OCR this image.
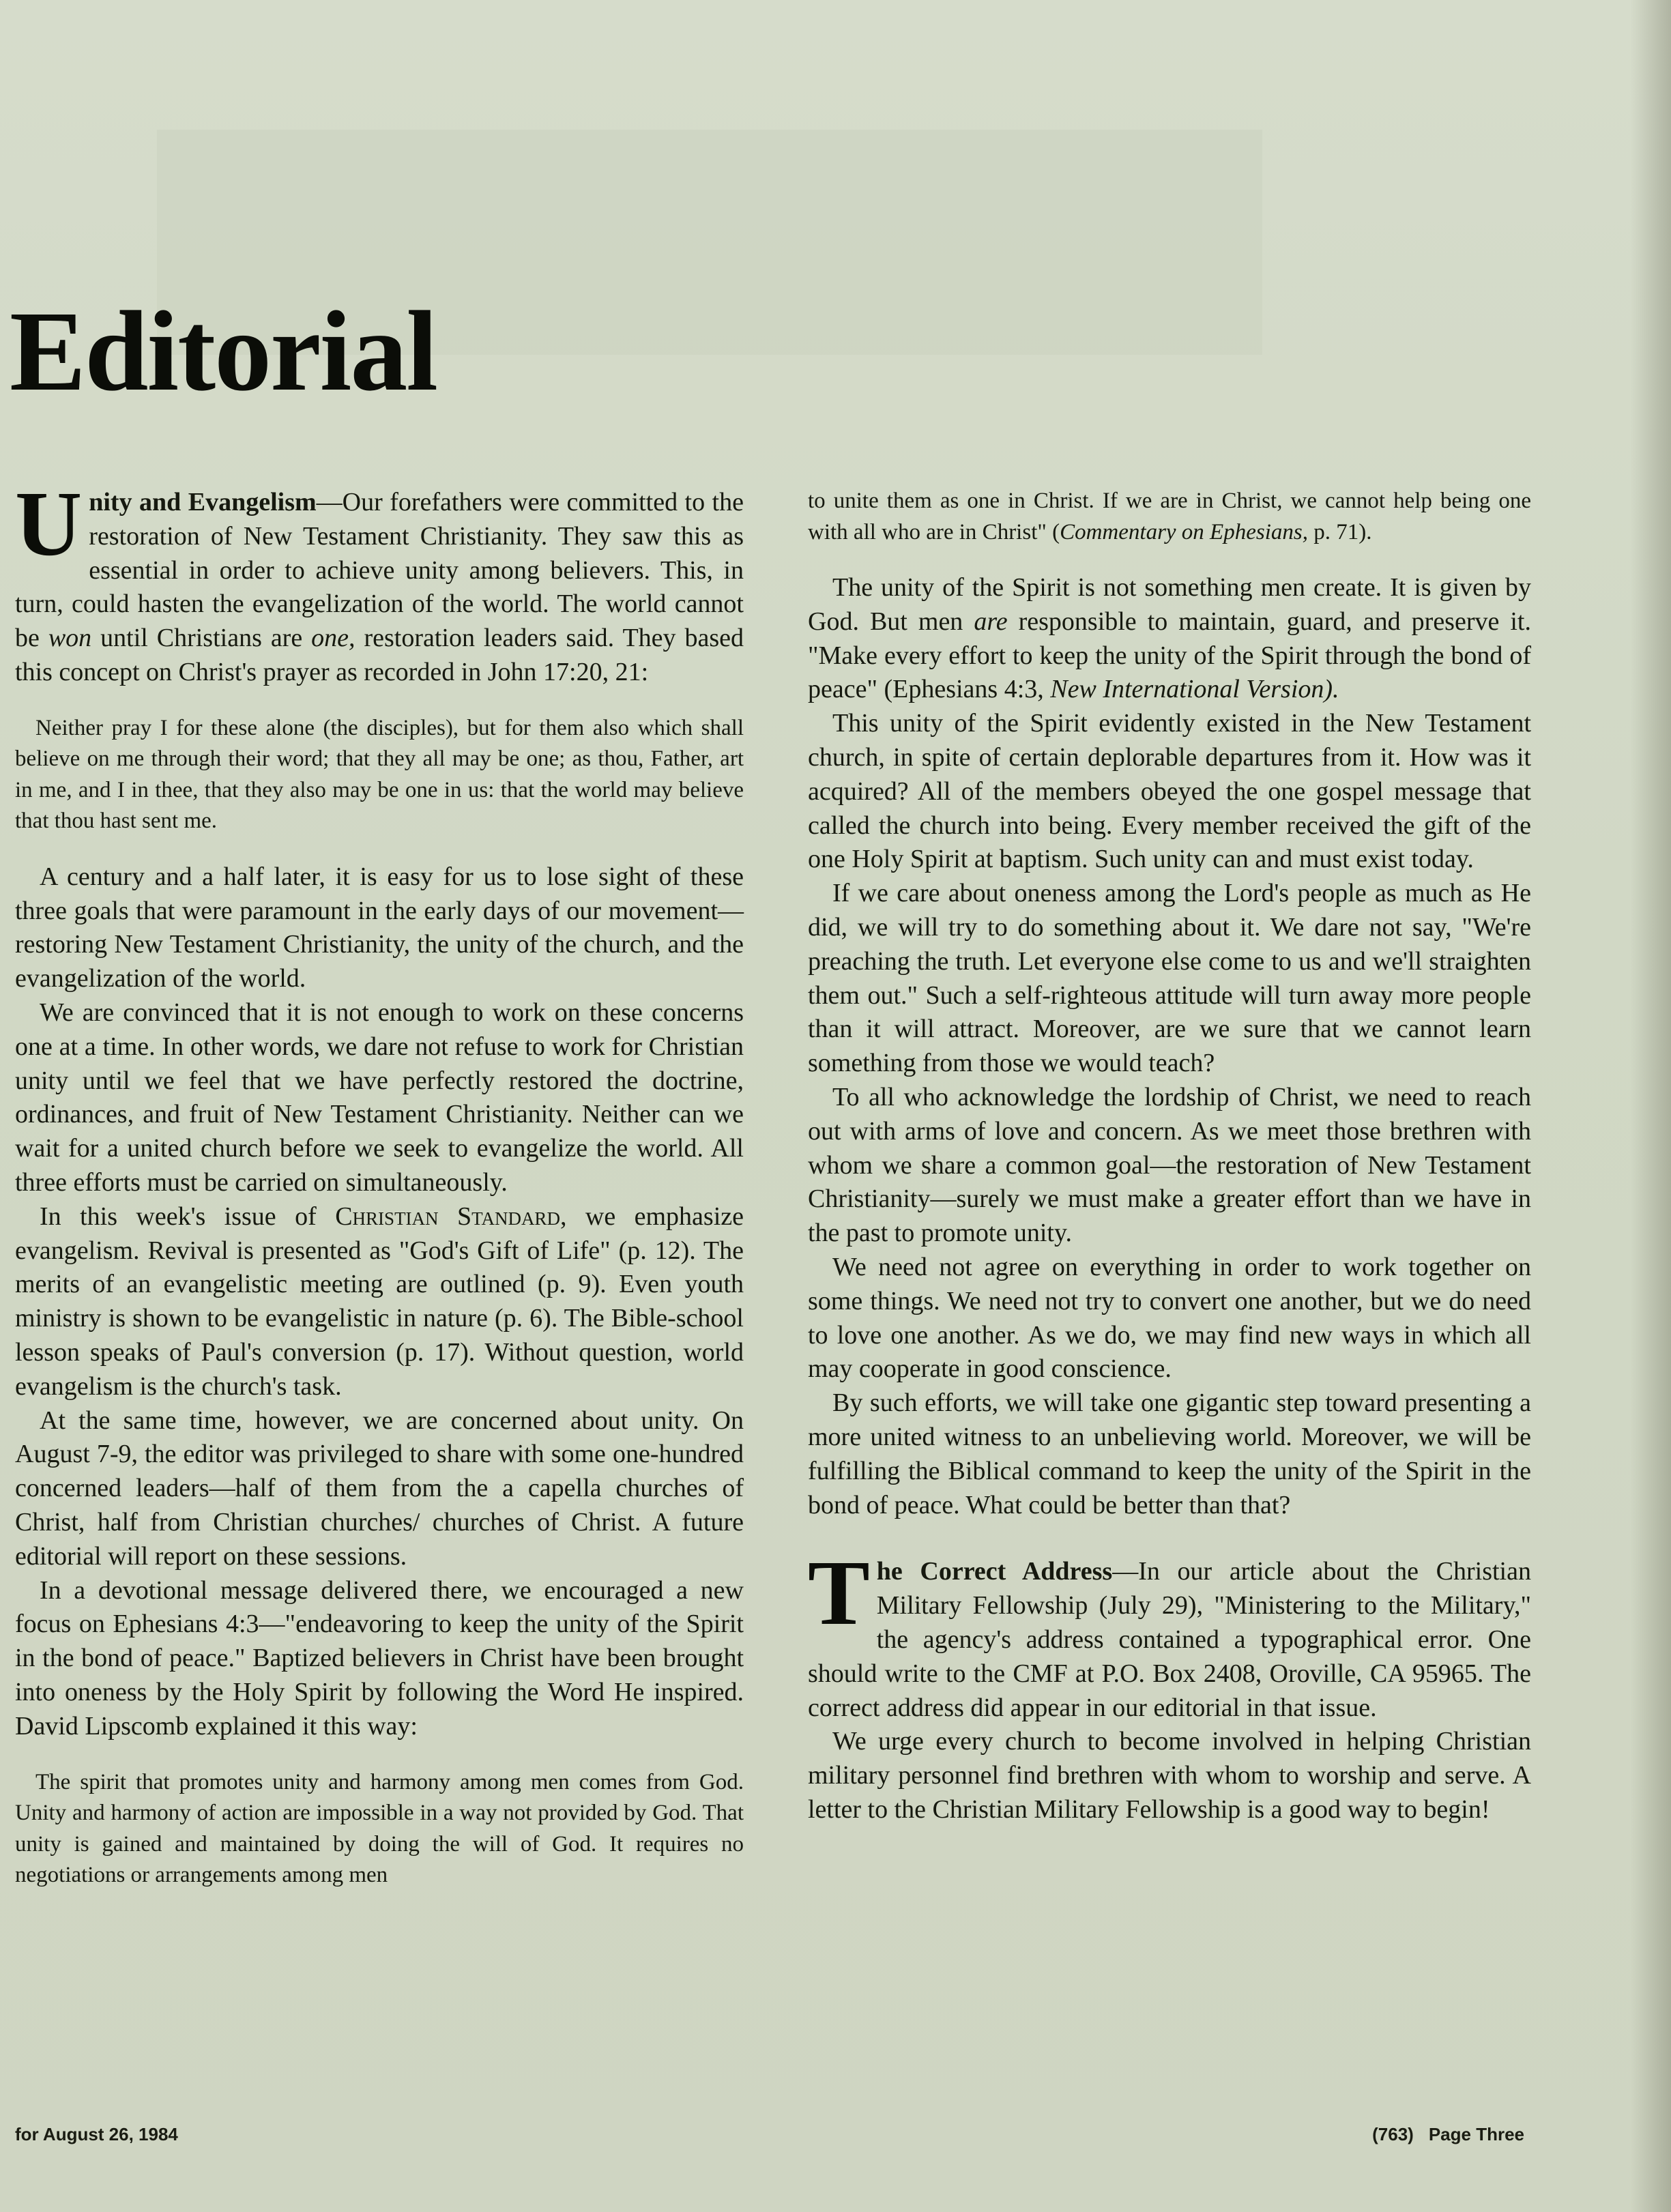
Editorial

Unity and Evangelism—Our forefathers were committed to the restoration of New Testament Christianity. They saw this as essential in order to achieve unity among believers. This, in turn, could hasten the evangelization of the world. The world cannot be won until Christians are one, restoration leaders said. They based this concept on Christ's prayer as recorded in John 17:20, 21:

Neither pray I for these alone (the disciples), but for them also which shall believe on me through their word; that they all may be one; as thou, Father, art in me, and I in thee, that they also may be one in us: that the world may believe that thou hast sent me.

A century and a half later, it is easy for us to lose sight of these three goals that were paramount in the early days of our movement—restoring New Testament Christianity, the unity of the church, and the evangelization of the world.

We are convinced that it is not enough to work on these concerns one at a time. In other words, we dare not refuse to work for Christian unity until we feel that we have perfectly restored the doctrine, ordinances, and fruit of New Testament Christianity. Neither can we wait for a united church before we seek to evangelize the world. All three efforts must be carried on simultaneously.

In this week's issue of Christian Standard, we emphasize evangelism. Revival is presented as "God's Gift of Life" (p. 12). The merits of an evangelistic meeting are outlined (p. 9). Even youth ministry is shown to be evangelistic in nature (p. 6). The Bible-school lesson speaks of Paul's conversion (p. 17). Without question, world evangelism is the church's task.

At the same time, however, we are concerned about unity. On August 7-9, the editor was privileged to share with some one-hundred concerned leaders—half of them from the a capella churches of Christ, half from Christian churches/ churches of Christ. A future editorial will report on these sessions.

In a devotional message delivered there, we encouraged a new focus on Ephesians 4:3—"endeavoring to keep the unity of the Spirit in the bond of peace." Baptized believers in Christ have been brought into oneness by the Holy Spirit by following the Word He inspired. David Lipscomb explained it this way:

The spirit that promotes unity and harmony among men comes from God. Unity and harmony of action are impossible in a way not provided by God. That unity is gained and maintained by doing the will of God. It requires no negotiations or arrangements among men

to unite them as one in Christ. If we are in Christ, we cannot help being one with all who are in Christ" (Commentary on Ephesians, p. 71).

The unity of the Spirit is not something men create. It is given by God. But men are responsible to maintain, guard, and preserve it. "Make every effort to keep the unity of the Spirit through the bond of peace" (Ephesians 4:3, New International Version).

This unity of the Spirit evidently existed in the New Testament church, in spite of certain deplorable departures from it. How was it acquired? All of the members obeyed the one gospel message that called the church into being. Every member received the gift of the one Holy Spirit at baptism. Such unity can and must exist today.

If we care about oneness among the Lord's people as much as He did, we will try to do something about it. We dare not say, "We're preaching the truth. Let everyone else come to us and we'll straighten them out." Such a self-righteous attitude will turn away more people than it will attract. Moreover, are we sure that we cannot learn something from those we would teach?

To all who acknowledge the lordship of Christ, we need to reach out with arms of love and concern. As we meet those brethren with whom we share a common goal—the restoration of New Testament Christianity—surely we must make a greater effort than we have in the past to promote unity.

We need not agree on everything in order to work together on some things. We need not try to convert one another, but we do need to love one another. As we do, we may find new ways in which all may cooperate in good conscience.

By such efforts, we will take one gigantic step toward presenting a more united witness to an unbelieving world. Moreover, we will be fulfilling the Biblical command to keep the unity of the Spirit in the bond of peace. What could be better than that?

The Correct Address—In our article about the Christian Military Fellowship (July 29), "Ministering to the Military," the agency's address contained a typographical error. One should write to the CMF at P.O. Box 2408, Oroville, CA 95965. The correct address did appear in our editorial in that issue.

We urge every church to become involved in helping Christian military personnel find brethren with whom to worship and serve. A letter to the Christian Military Fellowship is a good way to begin!

for August 26, 1984	(763) Page Three
